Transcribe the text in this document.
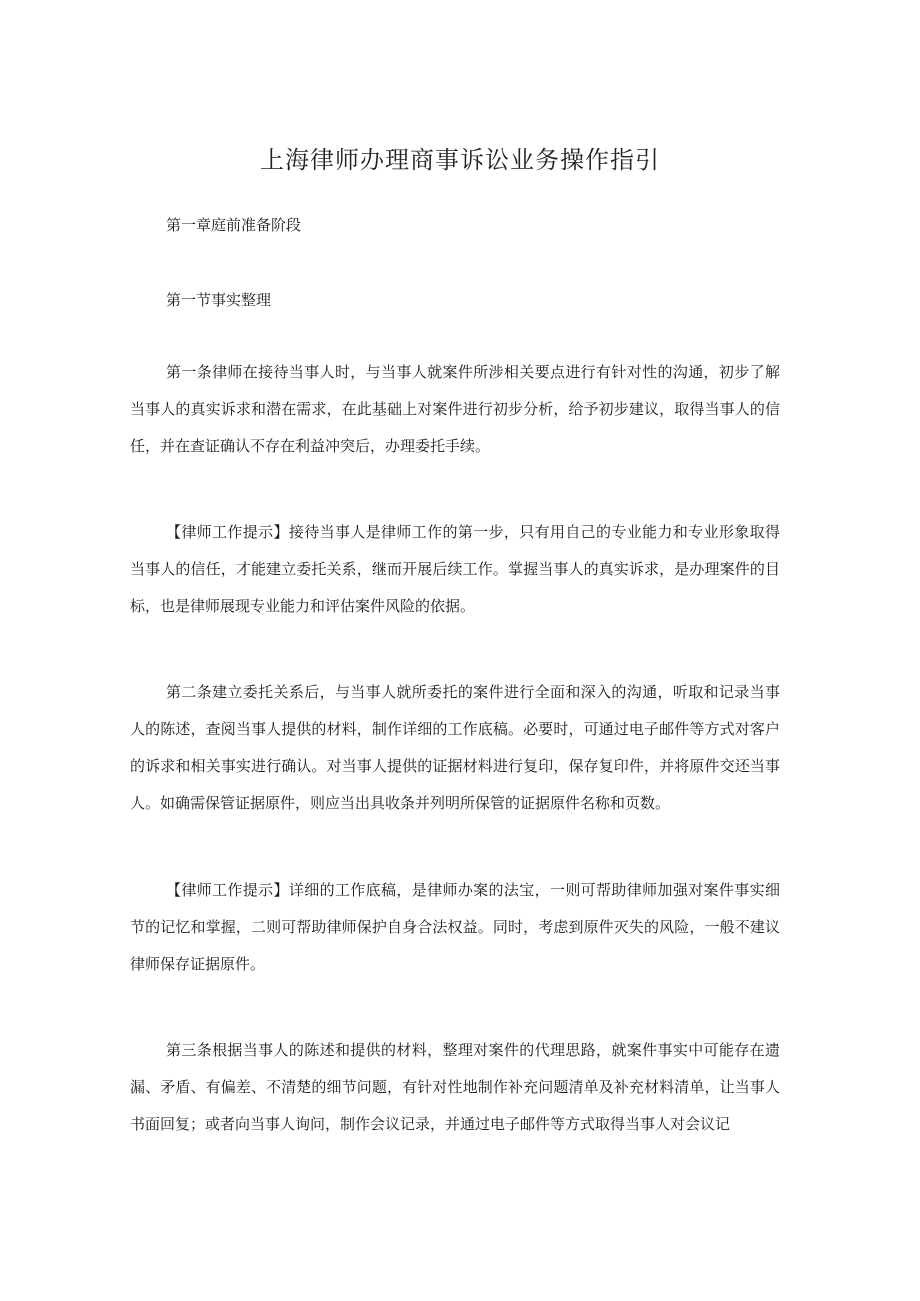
上海律师办理商事诉讼业务操作指引
第一章庭前准备阶段
第一节事实整理

第一条律师在接待当事人时，与当事人就案件所涉相关要点进行有针对性的沟通，初步了解当事人的真实诉求和潜在需求，在此基础上对案件进行初步分析，给予初步建议，取得当事人的信任，并在查证确认不存在利益冲突后，办理委托手续。

【律师工作提示】接待当事人是律师工作的第一步，只有用自己的专业能力和专业形象取得当事人的信任，才能建立委托关系，继而开展后续工作。掌握当事人的真实诉求，是办理案件的目标，也是律师展现专业能力和评估案件风险的依据。

第二条建立委托关系后，与当事人就所委托的案件进行全面和深入的沟通，听取和记录当事人的陈述，查阅当事人提供的材料，制作详细的工作底稿。必要时，可通过电子邮件等方式对客户的诉求和相关事实进行确认。对当事人提供的证据材料进行复印，保存复印件，并将原件交还当事人。如确需保管证据原件，则应当出具收条并列明所保管的证据原件名称和页数。

【律师工作提示】详细的工作底稿，是律师办案的法宝，一则可帮助律师加强对案件事实细节的记忆和掌握，二则可帮助律师保护自身合法权益。同时，考虑到原件灭失的风险，一般不建议律师保存证据原件。

第三条根据当事人的陈述和提供的材料，整理对案件的代理思路，就案件事实中可能存在遗漏、矛盾、有偏差、不清楚的细节问题，有针对性地制作补充问题清单及补充材料清单，让当事人书面回复；或者向当事人询问，制作会议记录，并通过电子邮件等方式取得当事人对会议记
